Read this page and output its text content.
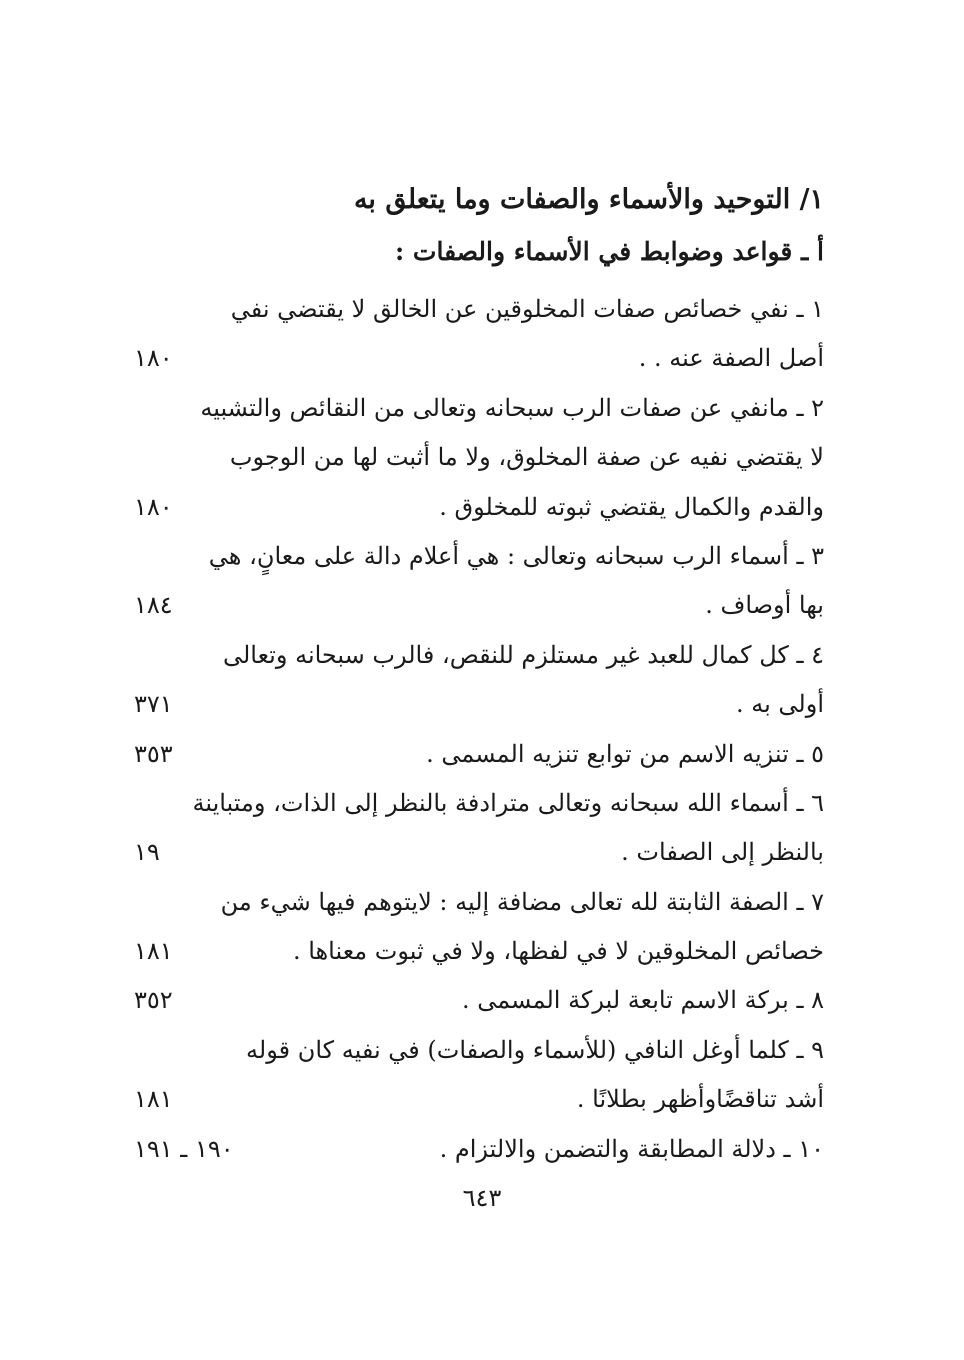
١/ التوحيد والأسماء والصفات وما يتعلق به
أ ـ قواعد وضوابط في الأسماء والصفات :
١ ـ نفي خصائص صفات المخلوقين عن الخالق لا يقتضي نفي
أصل الصفة عنه . .
١٨٠
٢ ـ مانفي عن صفات الرب سبحانه وتعالى من النقائص والتشبيه
لا يقتضي نفيه عن صفة المخلوق، ولا ما أثبت لها من الوجوب
والقدم والكمال يقتضي ثبوته للمخلوق .
١٨٠
٣ ـ أسماء الرب سبحانه وتعالى : هي أعلام دالة على معانٍ، هي
بها أوصاف .
١٨٤
٤ ـ كل كمال للعبد غير مستلزم للنقص، فالرب سبحانه وتعالى
أولى به .
٣٧١
٥ ـ تنزيه الاسم من توابع تنزيه المسمى .
٣٥٣
٦ ـ أسماء الله سبحانه وتعالى مترادفة بالنظر إلى الذات، ومتباينة
بالنظر إلى الصفات .
١٩
٧ ـ الصفة الثابتة لله تعالى مضافة إليه : لايتوهم فيها شيء من
خصائص المخلوقين لا في لفظها، ولا في ثبوت معناها .
١٨١
٨ ـ بركة الاسم تابعة لبركة المسمى .
٣٥٢
٩ ـ كلما أوغل النافي (للأسماء والصفات) في نفيه كان قوله
أشد تناقضًاوأظهر بطلانًا .
١٨١
١٠ ـ دلالة المطابقة والتضمن والالتزام .
١٩٠ ـ ١٩١
٦٤٣
